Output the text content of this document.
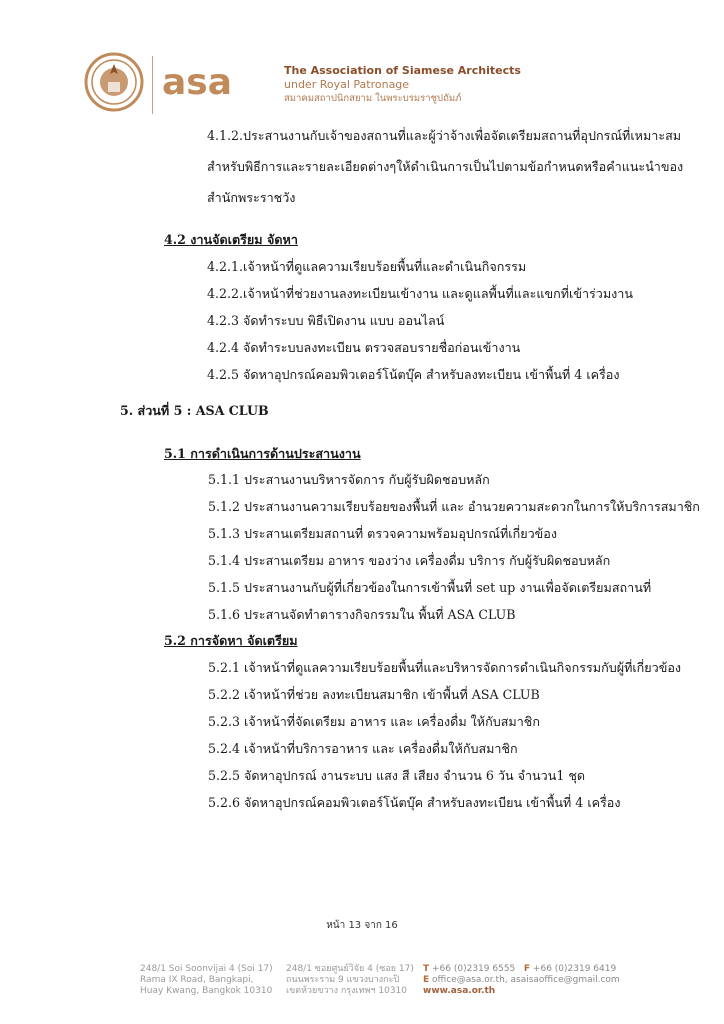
asa	The Association of Siamese Architects
under Royal Patronage
สมาคมสถาปนิกสยาม ในพระบรมราชูปถัมภ์
4.1.2.ประสานงานกับเจ้าของสถานที่และผู้ว่าจ้างเพื่อจัดเตรียมสถานที่อุปกรณ์ที่เหมาะสม
สำหรับพิธีการและรายละเอียดต่างๆให้ดำเนินการเป็นไปตามข้อกำหนดหรือคำแนะนำของ
สำนักพระราชวัง
4.2 งานจัดเตรียม จัดหา
4.2.1.เจ้าหน้าที่ดูแลความเรียบร้อยพื้นที่และดำเนินกิจกรรม
4.2.2.เจ้าหน้าที่ช่วยงานลงทะเบียนเข้างาน และดูแลพื้นที่และแขกที่เข้าร่วมงาน
4.2.3 จัดทำระบบ พิธีเปิดงาน แบบ ออนไลน์
4.2.4 จัดทำระบบลงทะเบียน ตรวจสอบรายชื่อก่อนเข้างาน
4.2.5 จัดหาอุปกรณ์คอมพิวเตอร์โน้ตบุ๊ค สำหรับลงทะเบียน เข้าพื้นที่ 4 เครื่อง
5. ส่วนที่ 5 : ASA CLUB
5.1 การดำเนินการด้านประสานงาน
5.1.1 ประสานงานบริหารจัดการ กับผู้รับผิดชอบหลัก
5.1.2 ประสานงานความเรียบร้อยของพื้นที่ และ อำนวยความสะดวกในการให้บริการสมาชิก
5.1.3 ประสานเตรียมสถานที่ ตรวจความพร้อมอุปกรณ์ที่เกี่ยวข้อง
5.1.4 ประสานเตรียม อาหาร ของว่าง เครื่องดื่ม บริการ กับผู้รับผิดชอบหลัก
5.1.5 ประสานงานกับผู้ที่เกี่ยวข้องในการเข้าพื้นที่ set up งานเพื่อจัดเตรียมสถานที่
5.1.6 ประสานจัดทำตารางกิจกรรมใน พื้นที่ ASA CLUB
5.2 การจัดหา จัดเตรียม
5.2.1 เจ้าหน้าที่ดูแลความเรียบร้อยพื้นที่และบริหารจัดการดำเนินกิจกรรมกับผู้ที่เกี่ยวข้อง
5.2.2 เจ้าหน้าที่ช่วย ลงทะเบียนสมาชิก เข้าพื้นที่ ASA CLUB
5.2.3 เจ้าหน้าที่จัดเตรียม อาหาร และ เครื่องดื่ม ให้กับสมาชิก
5.2.4 เจ้าหน้าที่บริการอาหาร และ เครื่องดื่มให้กับสมาชิก
5.2.5 จัดหาอุปกรณ์ งานระบบ แสง สี เสียง จำนวน 6 วัน จำนวน1 ชุด
5.2.6 จัดหาอุปกรณ์คอมพิวเตอร์โน้ตบุ๊ค สำหรับลงทะเบียน เข้าพื้นที่ 4 เครื่อง
หน้า 13 จาก 16
248/1 Soi Soonvijai 4 (Soi 17)
Rama IX Road, Bangkapi,
Huay Kwang, Bangkok 10310
248/1 ซอยศูนย์วิจัย 4 (ซอย 17)
ถนนพระราม 9 แขวงบางกะปิ
เขตห้วยขวาง กรุงเทพฯ 10310
T +66 (0)2319 6555 F +66 (0)2319 6419
E office@asa.or.th, asaisaoffice@gmail.com
www.asa.or.th
